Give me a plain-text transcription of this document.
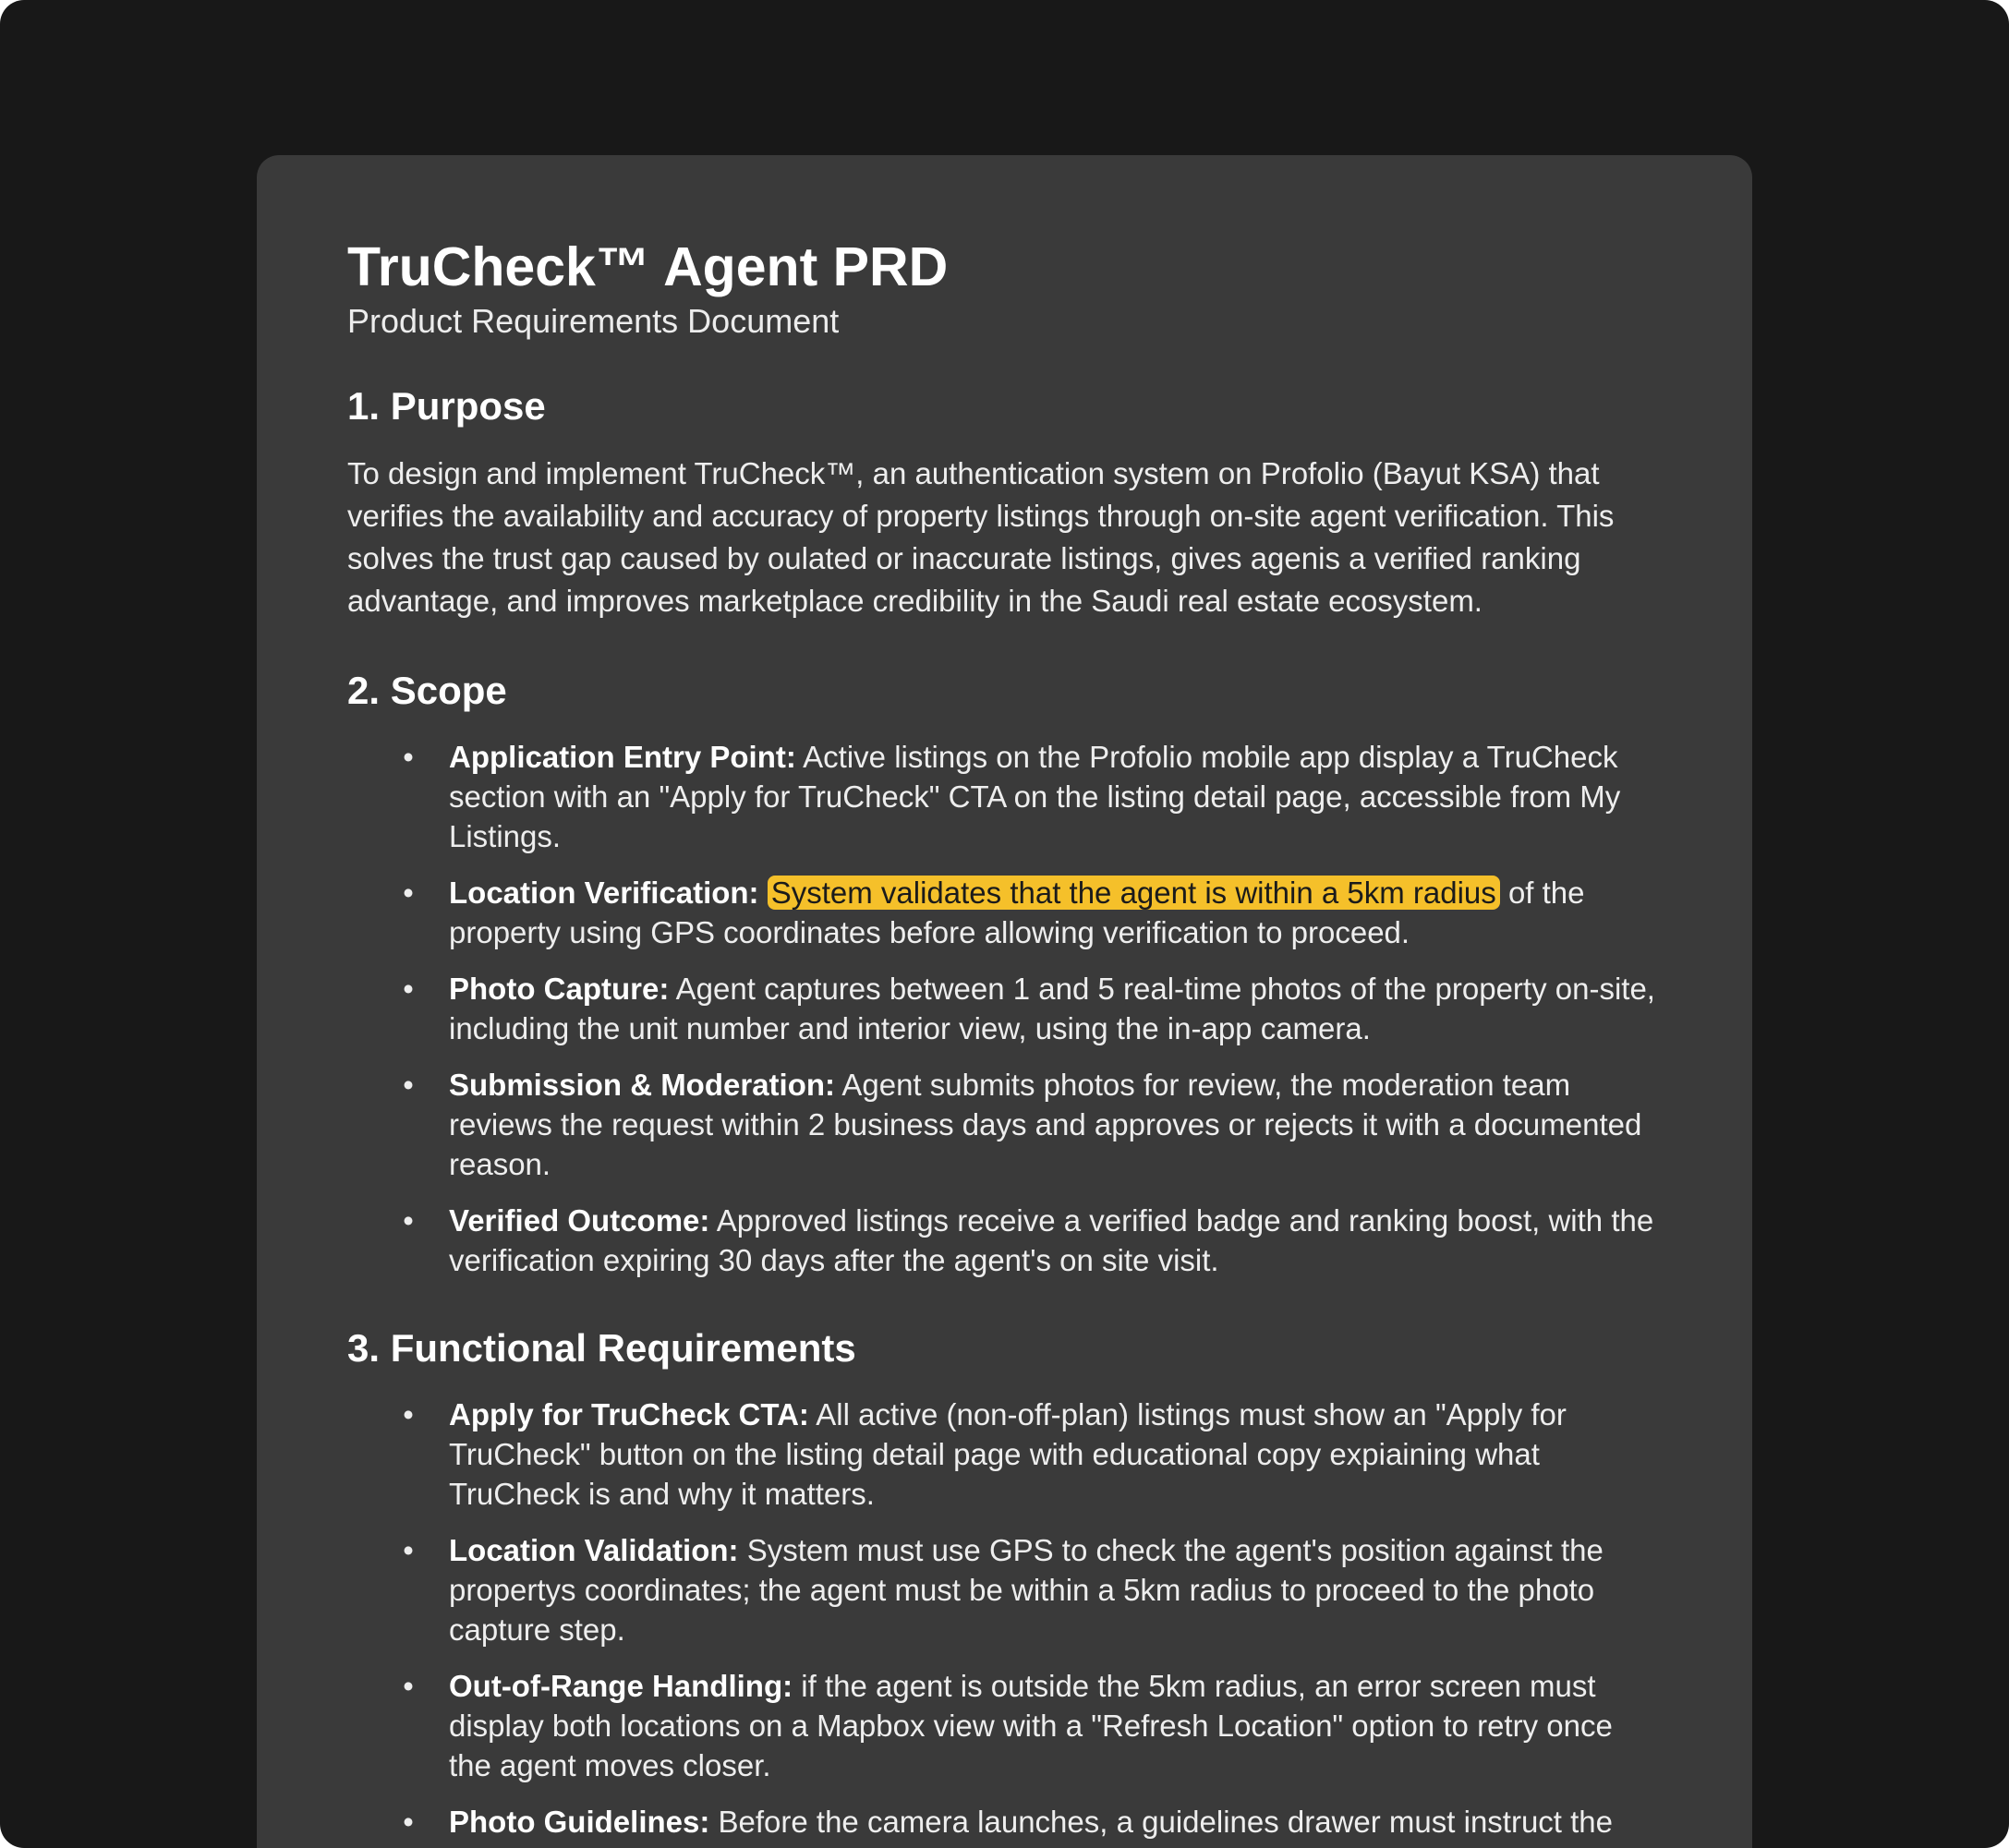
TruCheck™ Agent PRD
Product Requirements Document
1. Purpose

To design and implement TruCheck™, an authentication system on Profolio (Bayut KSA) that verifies the availability and accuracy of property listings through on-site agent verification. This solves the trust gap caused by oulated or inaccurate listings, gives agenis a verified ranking advantage, and improves marketplace credibility in the Saudi real estate ecosystem.

2. Scope
• Application Entry Point: Active listings on the Profolio mobile app display a TruCheck section with an "Apply for TruCheck" CTA on the listing detail page, accessible from My Listings.
• Location Verification: System validates that the agent is within a 5km radius of the property using GPS coordinates before allowing verification to proceed.
• Photo Capture: Agent captures between 1 and 5 real-time photos of the property on-site, including the unit number and interior view, using the in-app camera.
• Submission & Moderation: Agent submits photos for review, the moderation team reviews the request within 2 business days and approves or rejects it with a documented reason.
• Verified Outcome: Approved listings receive a verified badge and ranking boost, with the verification expiring 30 days after the agent's on site visit.
3. Functional Requirements
• Apply for TruCheck CTA: All active (non-off-plan) listings must show an "Apply for TruCheck" button on the listing detail page with educational copy expiaining what TruCheck is and why it matters.
• Location Validation: System must use GPS to check the agent's position against the propertys coordinates; the agent must be within a 5km radius to proceed to the photo capture step.
• Out-of-Range Handling: if the agent is outside the 5km radius, an error screen must display both locations on a Mapbox view with a "Refresh Location" option to retry once the agent moves closer.
• Photo Guidelines: Before the camera launches, a guidelines drawer must instruct the
